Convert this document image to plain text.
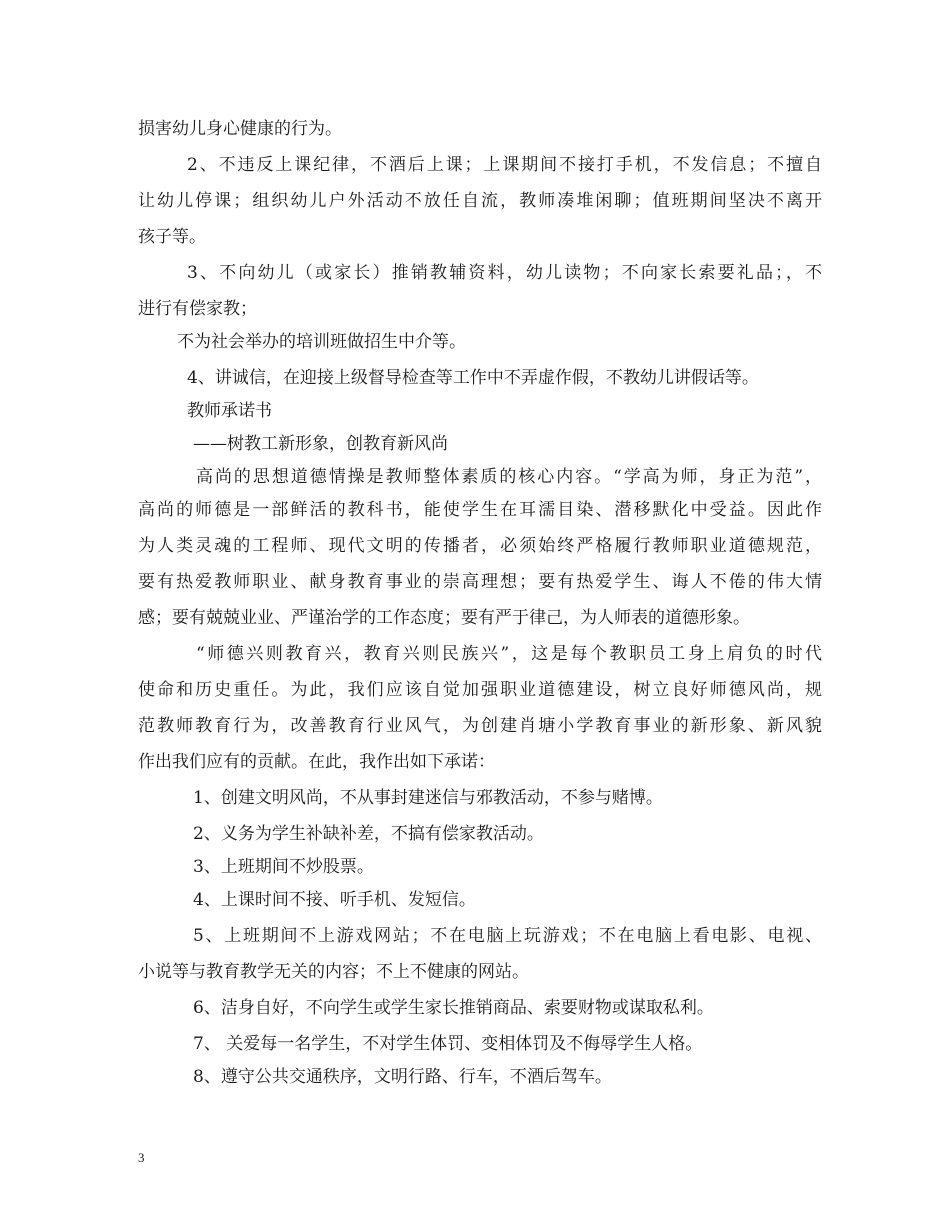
损害幼儿身心健康的行为。
2、不违反上课纪律，不酒后上课；上课期间不接打手机，不发信息；不擅自
让幼儿停课；组织幼儿户外活动不放任自流，教师凑堆闲聊；值班期间坚决不离开
孩子等。
3、不向幼儿（或家长）推销教辅资料，幼儿读物；不向家长索要礼品；，不
进行有偿家教；
不为社会举办的培训班做招生中介等。
4、讲诚信，在迎接上级督导检查等工作中不弄虚作假，不教幼儿讲假话等。
教师承诺书
——树教工新形象，创教育新风尚
高尚的思想道德情操是教师整体素质的核心内容。“学高为师，身正为范”，
高尚的师德是一部鲜活的教科书，能使学生在耳濡目染、潜移默化中受益。因此作
为人类灵魂的工程师、现代文明的传播者，必须始终严格履行教师职业道德规范，
要有热爱教师职业、献身教育事业的崇高理想；要有热爱学生、诲人不倦的伟大情
感；要有兢兢业业、严谨治学的工作态度；要有严于律己，为人师表的道德形象。
“师德兴则教育兴，教育兴则民族兴”，这是每个教职员工身上肩负的时代
使命和历史重任。为此，我们应该自觉加强职业道德建设，树立良好师德风尚，规
范教师教育行为，改善教育行业风气，为创建肖塘小学教育事业的新形象、新风貌
作出我们应有的贡献。在此，我作出如下承诺：
1、创建文明风尚，不从事封建迷信与邪教活动，不参与赌博。
2、义务为学生补缺补差，不搞有偿家教活动。
3、上班期间不炒股票。
4、上课时间不接、听手机、发短信。
5、上班期间不上游戏网站；不在电脑上玩游戏；不在电脑上看电影、电视、
小说等与教育教学无关的内容；不上不健康的网站。
6、洁身自好，不向学生或学生家长推销商品、索要财物或谋取私利。
7、 关爱每一名学生，不对学生体罚、变相体罚及不侮辱学生人格。
8、遵守公共交通秩序，文明行路、行车，不酒后驾车。
3
